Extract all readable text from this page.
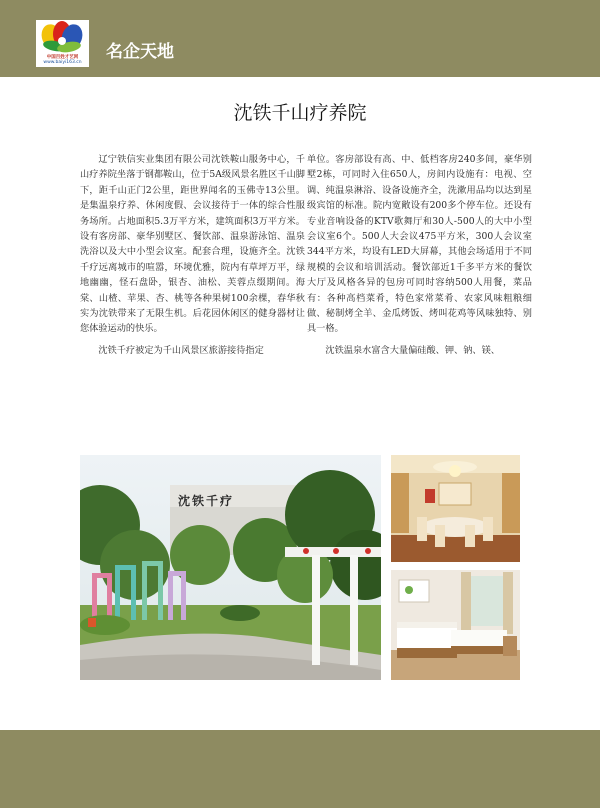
中国百姓才艺网
www.baiyi163.cn
名企天地
沈铁千山疗养院

辽宁铁信实业集团有限公司沈铁鞍山服务中心，千山疗养院坐落于钢都鞍山，位于5A级风景名胜区千山脚下，距千山正门2公里，距世界闻名的玉佛寺13公里。是集温泉疗养、休闲度假、会议接待于一体的综合性服务场所。占地面积5.3万平方米，建筑面积3万平方米。设有客房部、豪华别墅区、餐饮部、温泉游泳馆、温泉洗浴以及大中小型会议室。配套合理，设施齐全。沈铁千疗远离城市的喧嚣，环境优雅，院内有草坪万平，绿地幽幽，怪石盘卧，银杏、油松、芙蓉点缀期间。海棠、山楂、苹果、杏、桃等各种果树100余棵，春华秋实为沈铁带来了无限生机。后花园休闲区的健身器材让您体验运动的快乐。

沈铁千疗被定为千山风景区旅游接待指定

单位。客房部设有高、中、低档客房240多间，豪华别墅2栋，可同时入住650人，房间内设施有：电视、空调、纯温泉淋浴、设备设施齐全，洗漱用品均以达到星级宾馆的标准。院内宽敞设有200多个停车位。还设有专业音响设备的KTV歌舞厅和30人-500人的大中小型会议室6个。500人大会议475平方米，300人会议室344平方米，均设有LED大屏幕，其他会场适用于不同规模的会议和培训活动。餐饮部近1千多平方米的餐饮大厅及风格各异的包房可同时容纳500人用餐，菜品有：各种高档菜肴，特色家常菜肴、农家风味粗粮细做、秘制烤全羊、金瓜烤饭、烤叫花鸡等风味独特、别具一格。

沈铁温泉水富含大量偏硅酸、钾、钠、镁、

沈铁千疗
